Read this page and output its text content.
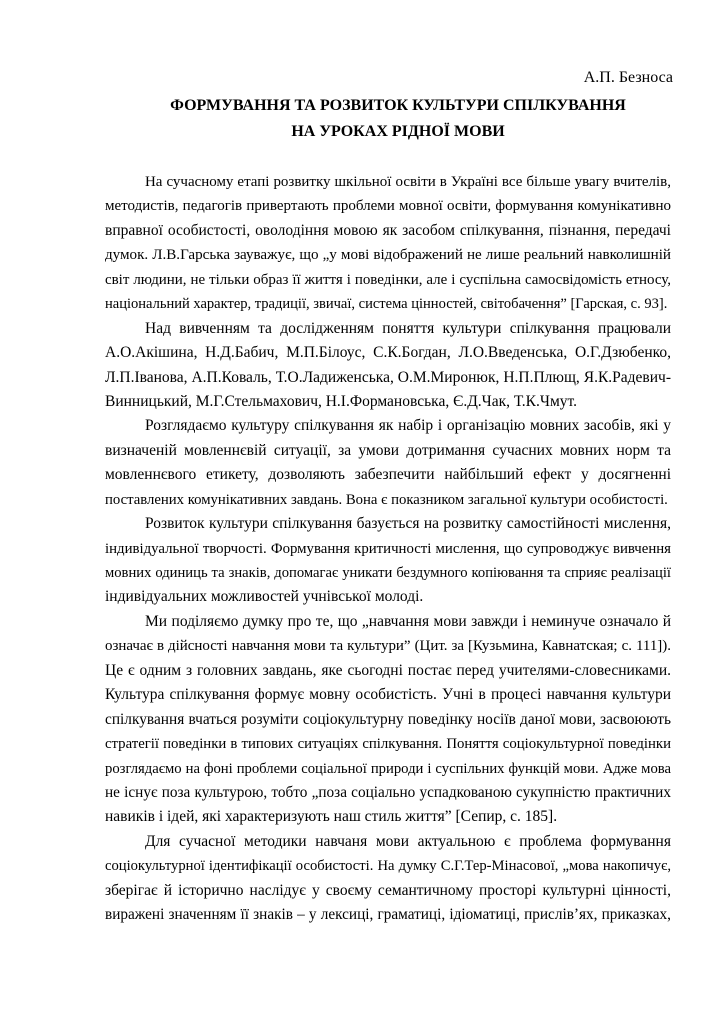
А.П. Безноса
ФОРМУВАННЯ ТА РОЗВИТОК КУЛЬТУРИ СПІЛКУВАННЯ
НА УРОКАХ РІДНОЇ МОВИ
На сучасному етапі розвитку шкільної освіти в Україні все більше увагу вчителів,
методистів, педагогів привертають проблеми мовної освіти, формування комунікативно
вправної особистості, оволодіння мовою як засобом спілкування, пізнання, передачі
думок. Л.В.Гарська зауважує, що „у мові відображений не лише реальний навколишній
світ людини, не тільки образ її життя і поведінки, але і суспільна самосвідомість етносу,
національний характер, традиції, звичаї, система цінностей, світобачення” [Гарская, с. 93].
Над вивченням та дослідженням поняття культури спілкування працювали
А.О.Акішина, Н.Д.Бабич, М.П.Білоус, С.К.Богдан, Л.О.Введенська, О.Г.Дзюбенко,
Л.П.Іванова, А.П.Коваль, Т.О.Ладиженська, О.М.Миронюк, Н.П.Плющ, Я.К.Радевич-
Винницький, М.Г.Стельмахович, Н.І.Формановська, Є.Д.Чак, Т.К.Чмут.
Розглядаємо культуру спілкування як набір і організацію мовних засобів, які у
визначеній мовленнєвій ситуації, за умови дотримання сучасних мовних норм та
мовленнєвого етикету, дозволяють забезпечити найбільший ефект у досягненні
поставлених комунікативних завдань. Вона є показником загальної культури особистості.
Розвиток культури спілкування базується на розвитку самостійності мислення,
індивідуальної творчості. Формування критичності мислення, що супроводжує вивчення
мовних одиниць та знаків, допомагає уникати бездумного копіювання та сприяє реалізації
індивідуальних можливостей учнівської молоді.
Ми поділяємо думку про те, що „навчання мови завжди і неминуче означало й
означає в дійсності навчання мови та культури” (Цит. за [Кузьмина, Кавнатская; с. 111]).
Це є одним з головних завдань, яке сьогодні постає перед учителями-словесниками.
Культура спілкування формує мовну особистість. Учні в процесі навчання культури
спілкування вчаться розуміти соціокультурну поведінку носіїв даної мови, засвоюють
стратегії поведінки в типових ситуаціях спілкування. Поняття соціокультурної поведінки
розглядаємо на фоні проблеми соціальної природи і суспільних функцій мови. Адже мова
не існує поза культурою, тобто „поза соціально успадкованою сукупністю практичних
навиків і ідей, які характеризують наш стиль життя” [Сепир, с. 185].
Для сучасної методики навчаня мови актуальною є проблема формування
соціокультурної ідентифікації особистості. На думку С.Г.Тер-Мінасової, „мова накопичує,
зберігає й історично наслідує у своєму семантичному просторі культурні цінності,
виражені значенням її знаків – у лексиці, граматиці, ідіоматиці, прислів’ях, приказках,
